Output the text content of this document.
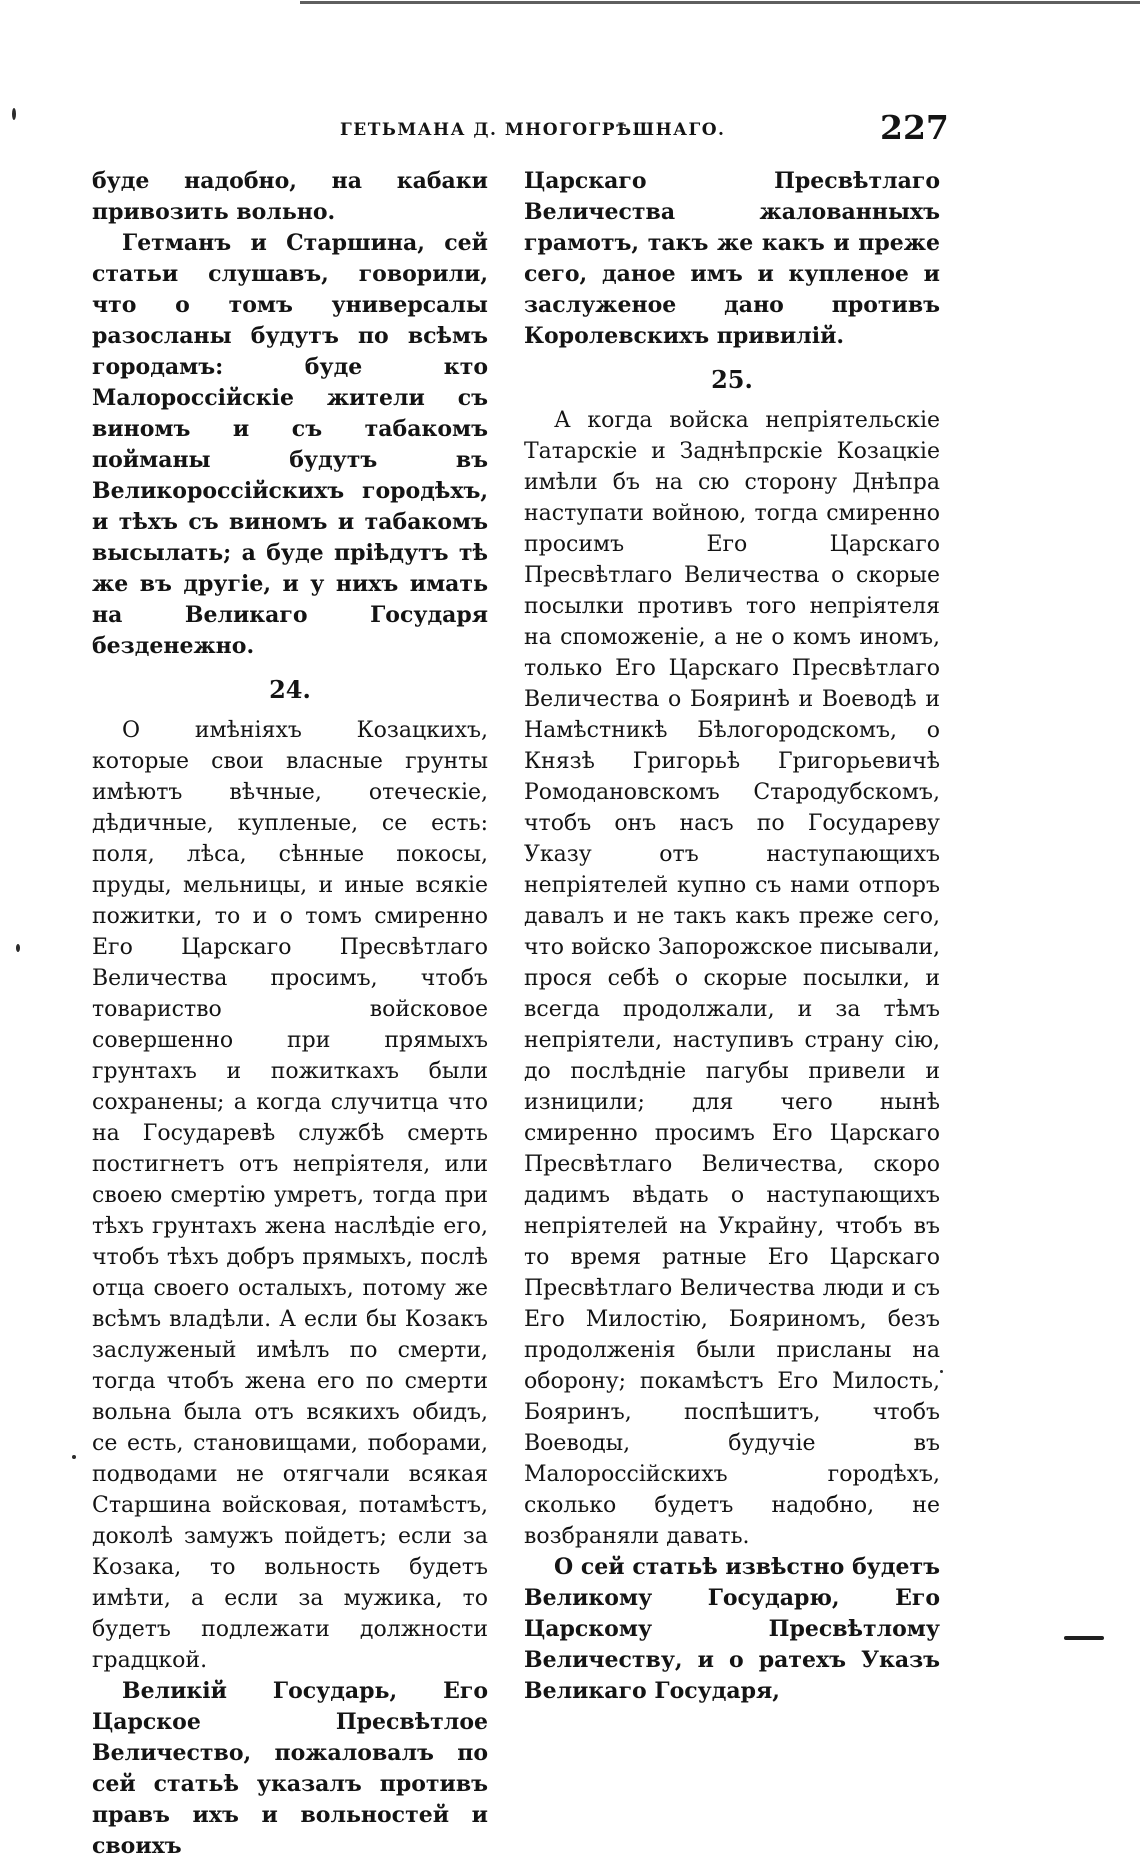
ГЕТЬМАНА Д. МНОГОГРѢШНАГО.	227

буде надобно, на кабаки привозить вольно.

Гетманъ и Старшина, сей статьи слушавъ, говорили, что о томъ универсалы разосланы будутъ по всѣмъ городамъ: буде кто Малороссійскіе жители съ виномъ и съ табакомъ пойманы будутъ въ Великороссійскихъ городѣхъ, и тѣхъ съ виномъ и табакомъ высылать; а буде пріѣдутъ тѣ же въ другіе, и у нихъ имать на Великаго Государя безденежно.

24.

О имѣніяхъ Козацкихъ, которые свои власные грунты имѣютъ вѣчные, отеческіе, дѣдичные, купленые, се есть: поля, лѣса, сѣнные покосы, пруды, мельницы, и иные всякіе пожитки, то и о томъ смиренно Его Царскаго Пресвѣтлаго Величества просимъ, чтобъ товариство войсковое совершенно при прямыхъ грунтахъ и пожиткахъ были сохранены; а когда случитца что на Государевѣ службѣ смерть постигнетъ отъ непріятеля, или своею смертію умретъ, тогда при тѣхъ грунтахъ жена наслѣдіе его, чтобъ тѣхъ добръ прямыхъ, послѣ отца своего осталыхъ, потому же всѣмъ владѣли. А если бы Козакъ заслуженый имѣлъ по смерти, тогда чтобъ жена его по смерти вольна была отъ всякихъ обидъ, се есть, становищами, поборами, подводами не отягчали всякая Старшина войсковая, потамѣстъ, доколѣ замужъ пойдетъ; если за Козака, то вольность будетъ имѣти, а если за мужика, то будетъ подлежати должности градцкой.

Великій Государь, Его Царское Пресвѣтлое Величество, пожаловалъ по сей статьѣ указалъ противъ правъ ихъ и вольностей и своихъ

Царскаго Пресвѣтлаго Величества жалованныхъ грамотъ, такъ же какъ и преже сего, даное имъ и купленое и заслуженое дано противъ Королевскихъ привилій.

25.

А когда войска непріятельскіе Татарскіе и Заднѣпрскіе Козацкіе имѣли бъ на сю сторону Днѣпра наступати войною, тогда смиренно просимъ Его Царскаго Пресвѣтлаго Величества о скорые посылки противъ того непріятеля на споможеніе, а не о комъ иномъ, только Его Царскаго Пресвѣтлаго Величества о Бояринѣ и Воеводѣ и Намѣстникѣ Бѣлогородскомъ, о Князѣ Григорьѣ Григорьевичѣ Ромодановскомъ Стародубскомъ, чтобъ онъ насъ по Государеву Указу отъ наступающихъ непріятелей купно съ нами отпоръ давалъ и не такъ какъ преже сего, что войско Запорожское писывали, прося себѣ о скорые посылки, и всегда продолжали, и за тѣмъ непріятели, наступивъ страну сію, до послѣдніе пагубы привели и изницили; для чего нынѣ смиренно просимъ Его Царскаго Пресвѣтлаго Величества, скоро дадимъ вѣдать о наступающихъ непріятелей на Украйну, чтобъ въ то время ратные Его Царскаго Пресвѣтлаго Величества люди и съ Его Милостію, Бояриномъ, безъ продолженія были присланы на оборону; покамѣстъ Его Милость, Бояринъ, поспѣшитъ, чтобъ Воеводы, будучіе въ Малороссійскихъ городѣхъ, сколько будетъ надобно, не возбраняли давать.

О сей статьѣ извѣстно будетъ Великому Государю, Его Царскому Пресвѣтлому Величеству, и о ратехъ Указъ Великаго Государя,
